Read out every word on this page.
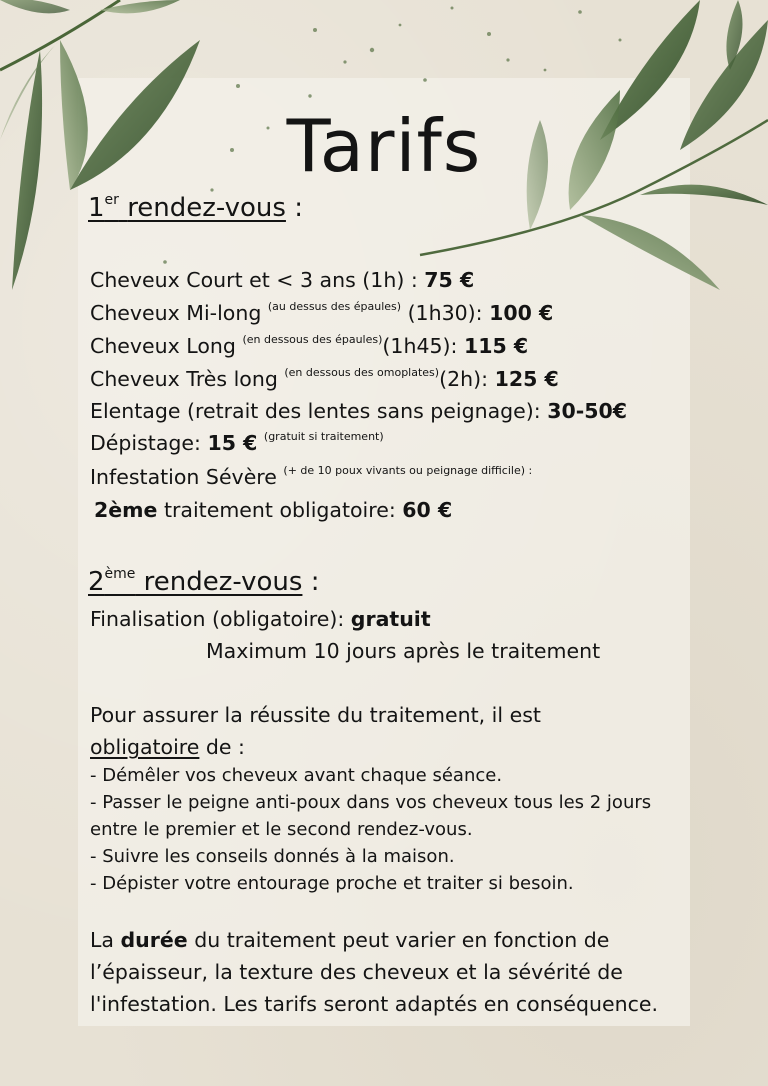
Tarifs
1er rendez-vous :
Cheveux Court et < 3 ans (1h) : 75 €
Cheveux Mi-long $^{(au dessus des épaules)}$ (1h30): 100 €
Cheveux Long $^{(en dessous des épaules)}$(1h45): 115 €
Cheveux Très long $^{(en dessous des omoplates)}$(2h): 125 €
Elentage (retrait des lentes sans peignage): 30-50€
Dépistage: 15 € $^{(gratuit si traitement)}$
Infestation Sévère $^{(+ de 10 poux vivants ou peignage difficile) :}$
2ème traitement obligatoire: 60 €
2ème rendez-vous :
Finalisation (obligatoire): gratuit
Maximum 10 jours après le traitement
Pour assurer la réussite du traitement, il est
obligatoire de :
- Démêler vos cheveux avant chaque séance.
- Passer le peigne anti-poux dans vos cheveux tous les 2 jours
entre le premier et le second rendez-vous.
- Suivre les conseils donnés à la maison.
- Dépister votre entourage proche et traiter si besoin.
La durée du traitement peut varier en fonction de
l’épaisseur, la texture des cheveux et la sévérité de
l'infestation. Les tarifs seront adaptés en conséquence.
